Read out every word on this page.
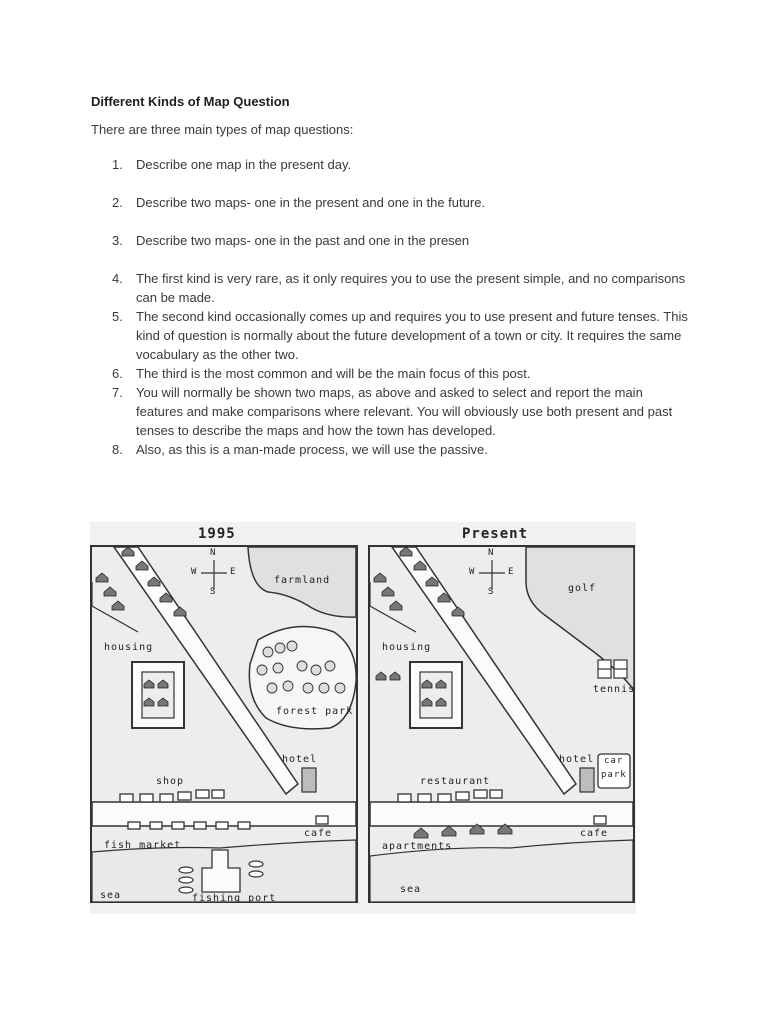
Different Kinds of Map Question

There are three main types of map questions:

1. Describe one map in the present day.
2. Describe two maps- one in the present and one in the future.
3. Describe two maps- one in the past and one in the presen
4. The first kind is very rare, as it only requires you to use the present simple, and no comparisons can be made.
5. The second kind occasionally comes up and requires you to use present and future tenses. This kind of question is normally about the future development of a town or city. It requires the same vocabulary as the other two.
6. The third is the most common and will be the main focus of this post.
7. You will normally be shown two maps, as above and asked to select and report the main features and make comparisons where relevant. You will obviously use both present and past tenses to describe the maps and how the town has developed.
8. Also, as this is a man-made process, we will use the passive.
1995
N
W	E
S
farmland
housing
forest park
hotel
shop
cafe
fish market
sea	fishing port
Present
N
W	E
S	golf
housing
tennis
hotel car
park
restaurant
cafe
apartments
sea
